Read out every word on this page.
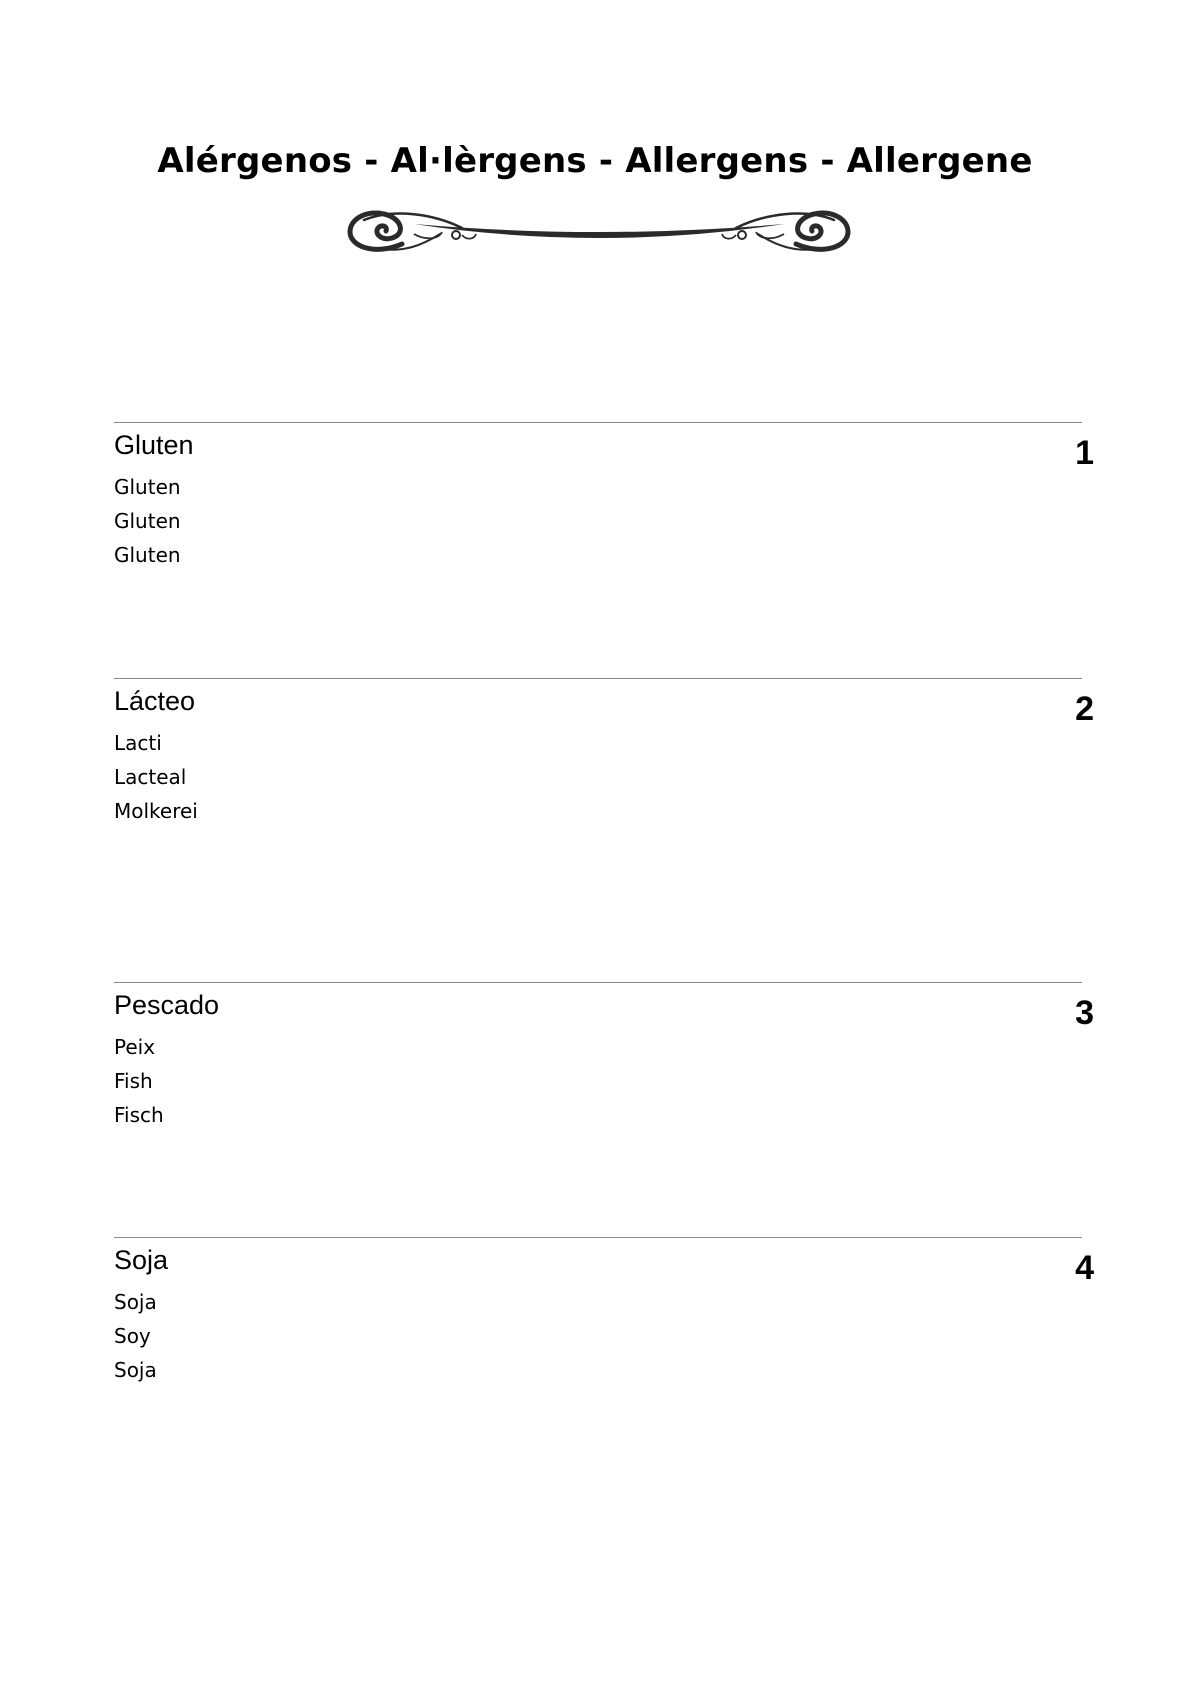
Alérgenos - Al·lèrgens - Allergens - Allergene
Gluten	1
Gluten
Gluten
Gluten
Lácteo	2
Lacti
Lacteal
Molkerei
Pescado	3
Peix
Fish
Fisch
Soja	4
Soja
Soy
Soja
